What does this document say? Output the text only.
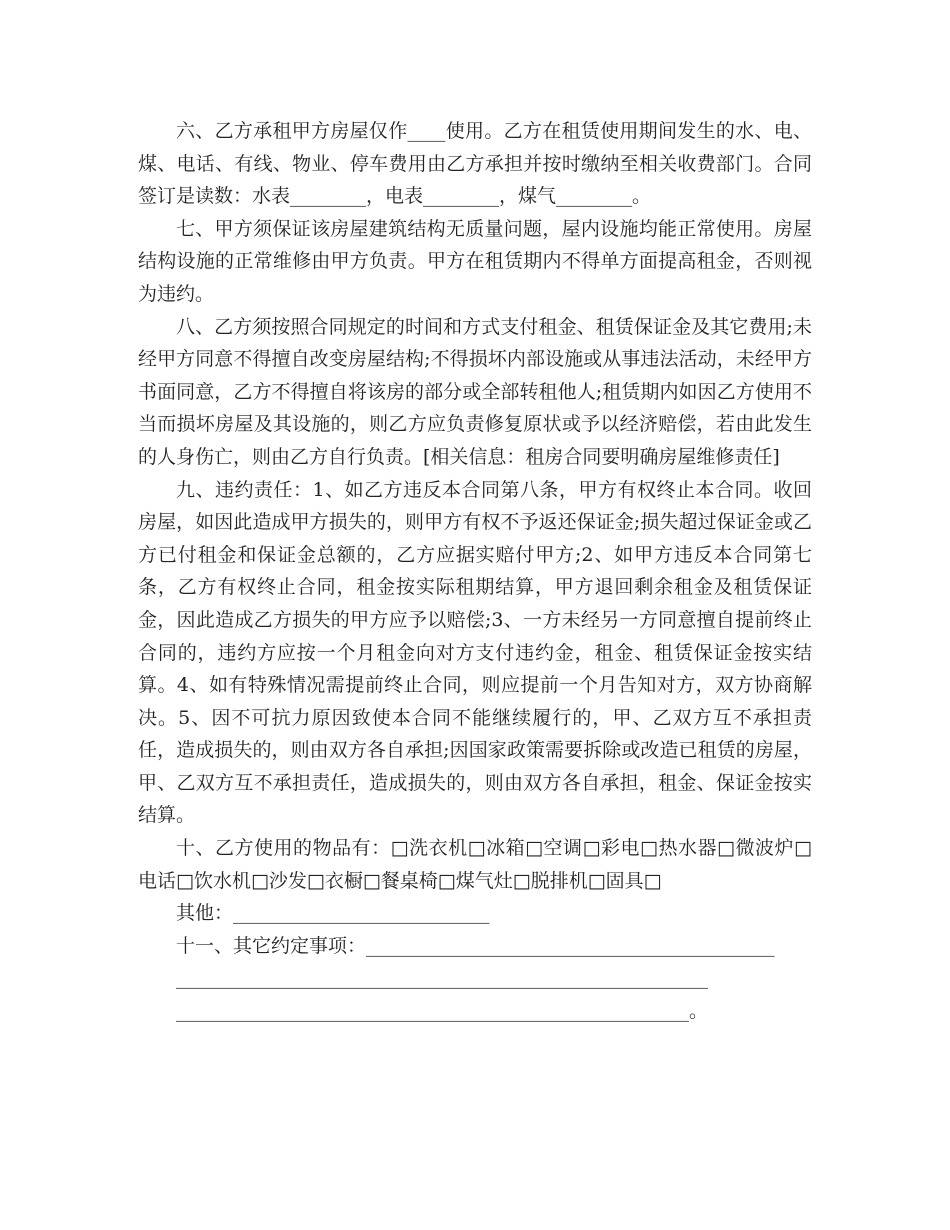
六、乙方承租甲方房屋仅作____使用。乙方在租赁使用期间发生的水、电、煤、电话、有线、物业、停车费用由乙方承担并按时缴纳至相关收费部门。合同签订是读数：水表________，电表________，煤气________。

七、甲方须保证该房屋建筑结构无质量问题，屋内设施均能正常使用。房屋结构设施的正常维修由甲方负责。甲方在租赁期内不得单方面提高租金，否则视为违约。

八、乙方须按照合同规定的时间和方式支付租金、租赁保证金及其它费用;未经甲方同意不得擅自改变房屋结构;不得损坏内部设施或从事违法活动，未经甲方书面同意，乙方不得擅自将该房的部分或全部转租他人;租赁期内如因乙方使用不当而损坏房屋及其设施的，则乙方应负责修复原状或予以经济赔偿，若由此发生的人身伤亡，则由乙方自行负责。[相关信息：租房合同要明确房屋维修责任]

九、违约责任：1、如乙方违反本合同第八条，甲方有权终止本合同。收回房屋，如因此造成甲方损失的，则甲方有权不予返还保证金;损失超过保证金或乙方已付租金和保证金总额的，乙方应据实赔付甲方;2、如甲方违反本合同第七条，乙方有权终止合同，租金按实际租期结算，甲方退回剩余租金及租赁保证金，因此造成乙方损失的甲方应予以赔偿;3、一方未经另一方同意擅自提前终止合同的，违约方应按一个月租金向对方支付违约金，租金、租赁保证金按实结算。4、如有特殊情况需提前终止合同，则应提前一个月告知对方，双方协商解决。5、因不可抗力原因致使本合同不能继续履行的，甲、乙双方互不承担责任，造成损失的，则由双方各自承担;因国家政策需要拆除或改造已租赁的房屋，甲、乙双方互不承担责任，造成损失的，则由双方各自承担，租金、保证金按实结算。

十、乙方使用的物品有：□洗衣机□冰箱□空调□彩电□热水器□微波炉□电话□饮水机□沙发□衣橱□餐桌椅□煤气灶□脱排机□固具□

其他：___________________________
十一、其它约定事项：___________________________________________
________________________________________________________
______________________________________________________。
